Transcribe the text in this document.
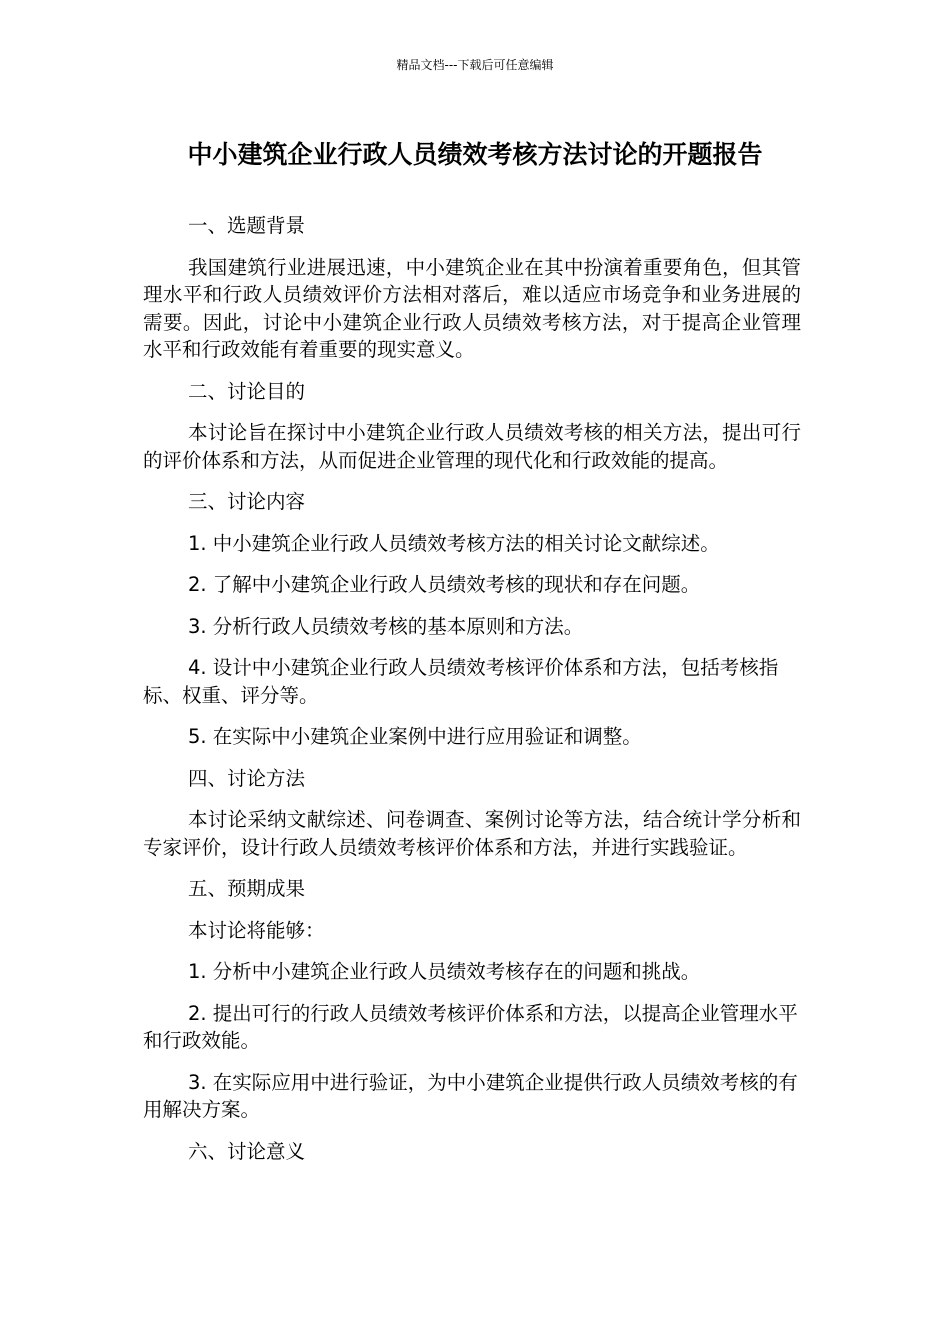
精品文档---下载后可任意编辑
中小建筑企业行政人员绩效考核方法讨论的开题报告

一、选题背景

我国建筑行业进展迅速，中小建筑企业在其中扮演着重要角色，但其管理水平和行政人员绩效评价方法相对落后，难以适应市场竞争和业务进展的需要。因此，讨论中小建筑企业行政人员绩效考核方法，对于提高企业管理水平和行政效能有着重要的现实意义。

二、讨论目的

本讨论旨在探讨中小建筑企业行政人员绩效考核的相关方法，提出可行的评价体系和方法，从而促进企业管理的现代化和行政效能的提高。

三、讨论内容

1. 中小建筑企业行政人员绩效考核方法的相关讨论文献综述。

2. 了解中小建筑企业行政人员绩效考核的现状和存在问题。

3. 分析行政人员绩效考核的基本原则和方法。

4. 设计中小建筑企业行政人员绩效考核评价体系和方法，包括考核指标、权重、评分等。

5. 在实际中小建筑企业案例中进行应用验证和调整。

四、讨论方法

本讨论采纳文献综述、问卷调查、案例讨论等方法，结合统计学分析和专家评价，设计行政人员绩效考核评价体系和方法，并进行实践验证。

五、预期成果

本讨论将能够：

1. 分析中小建筑企业行政人员绩效考核存在的问题和挑战。

2. 提出可行的行政人员绩效考核评价体系和方法，以提高企业管理水平和行政效能。

3. 在实际应用中进行验证，为中小建筑企业提供行政人员绩效考核的有用解决方案。

六、讨论意义
